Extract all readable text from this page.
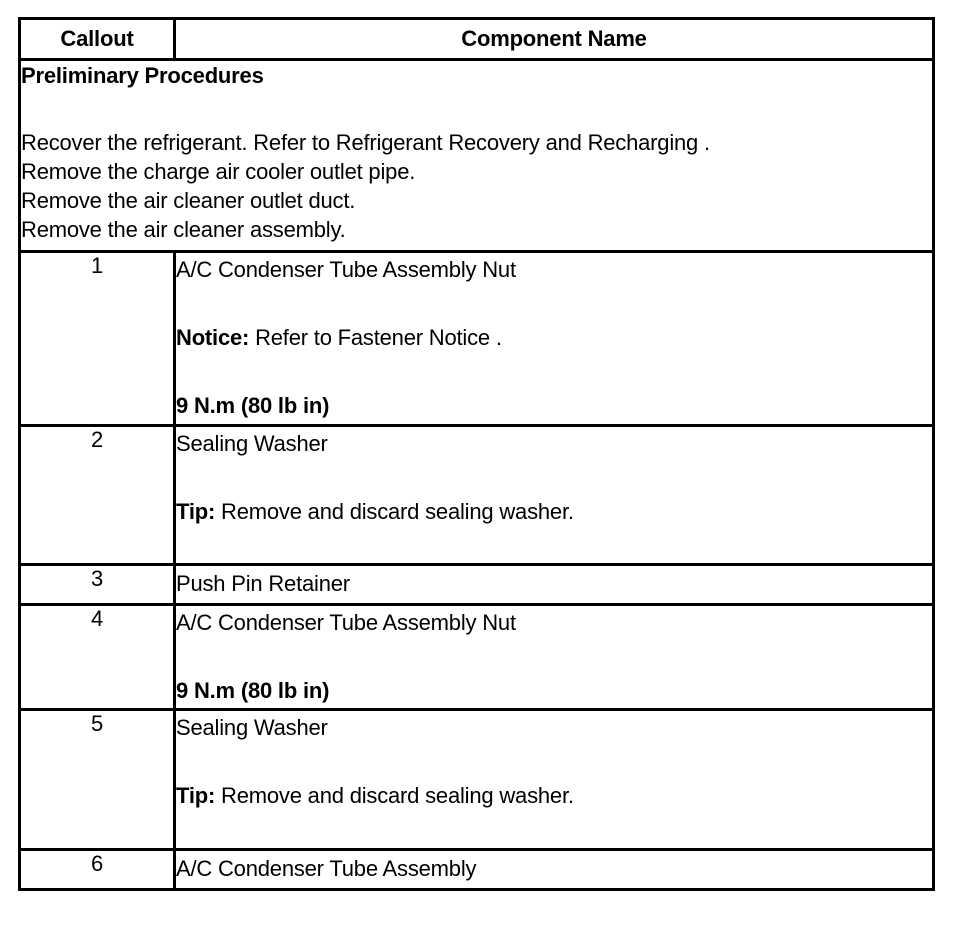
Callout	Component Name

Preliminary Procedures
Recover the refrigerant. Refer to Refrigerant Recovery and Recharging .
Remove the charge air cooler outlet pipe.
Remove the air cleaner outlet duct.
Remove the air cleaner assembly.	

1	A/C Condenser Tube Assembly Nut
Notice: Refer to Fastener Notice .
9 N.m (80 lb in)

2	Sealing Washer
Tip: Remove and discard sealing washer.

3	Push Pin Retainer

4	A/C Condenser Tube Assembly Nut
9 N.m (80 lb in)

5	Sealing Washer
Tip: Remove and discard sealing washer.

6	A/C Condenser Tube Assembly
